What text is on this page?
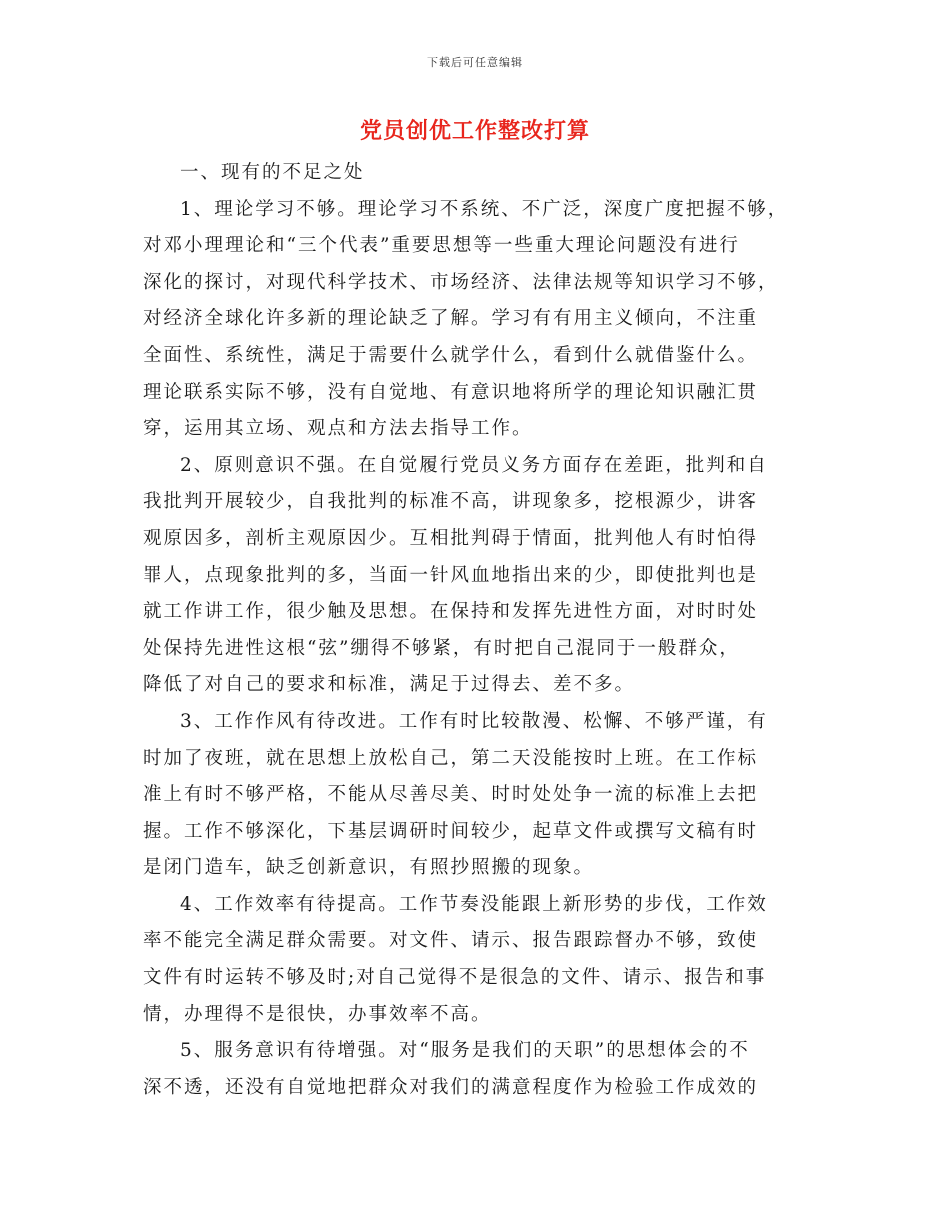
下载后可任意编辑
党员创优工作整改打算

一、现有的不足之处

1、理论学习不够。理论学习不系统、不广泛，深度广度把握不够，
对邓小理理论和“三个代表”重要思想等一些重大理论问题没有进行
深化的探讨，对现代科学技术、市场经济、法律法规等知识学习不够，
对经济全球化许多新的理论缺乏了解。学习有有用主义倾向，不注重
全面性、系统性，满足于需要什么就学什么，看到什么就借鉴什么。
理论联系实际不够，没有自觉地、有意识地将所学的理论知识融汇贯
穿，运用其立场、观点和方法去指导工作。
2、原则意识不强。在自觉履行党员义务方面存在差距，批判和自
我批判开展较少，自我批判的标准不高，讲现象多，挖根源少，讲客
观原因多，剖析主观原因少。互相批判碍于情面，批判他人有时怕得
罪人，点现象批判的多，当面一针风血地指出来的少，即使批判也是
就工作讲工作，很少触及思想。在保持和发挥先进性方面，对时时处
处保持先进性这根“弦”绷得不够紧，有时把自己混同于一般群众，
降低了对自己的要求和标准，满足于过得去、差不多。
3、工作作风有待改进。工作有时比较散漫、松懈、不够严谨，有
时加了夜班，就在思想上放松自己，第二天没能按时上班。在工作标
准上有时不够严格，不能从尽善尽美、时时处处争一流的标准上去把
握。工作不够深化，下基层调研时间较少，起草文件或撰写文稿有时
是闭门造车，缺乏创新意识，有照抄照搬的现象。
4、工作效率有待提高。工作节奏没能跟上新形势的步伐，工作效
率不能完全满足群众需要。对文件、请示、报告跟踪督办不够，致使
文件有时运转不够及时;对自己觉得不是很急的文件、请示、报告和事
情，办理得不是很快，办事效率不高。
5、服务意识有待增强。对“服务是我们的天职”的思想体会的不
深不透，还没有自觉地把群众对我们的满意程度作为检验工作成效的
